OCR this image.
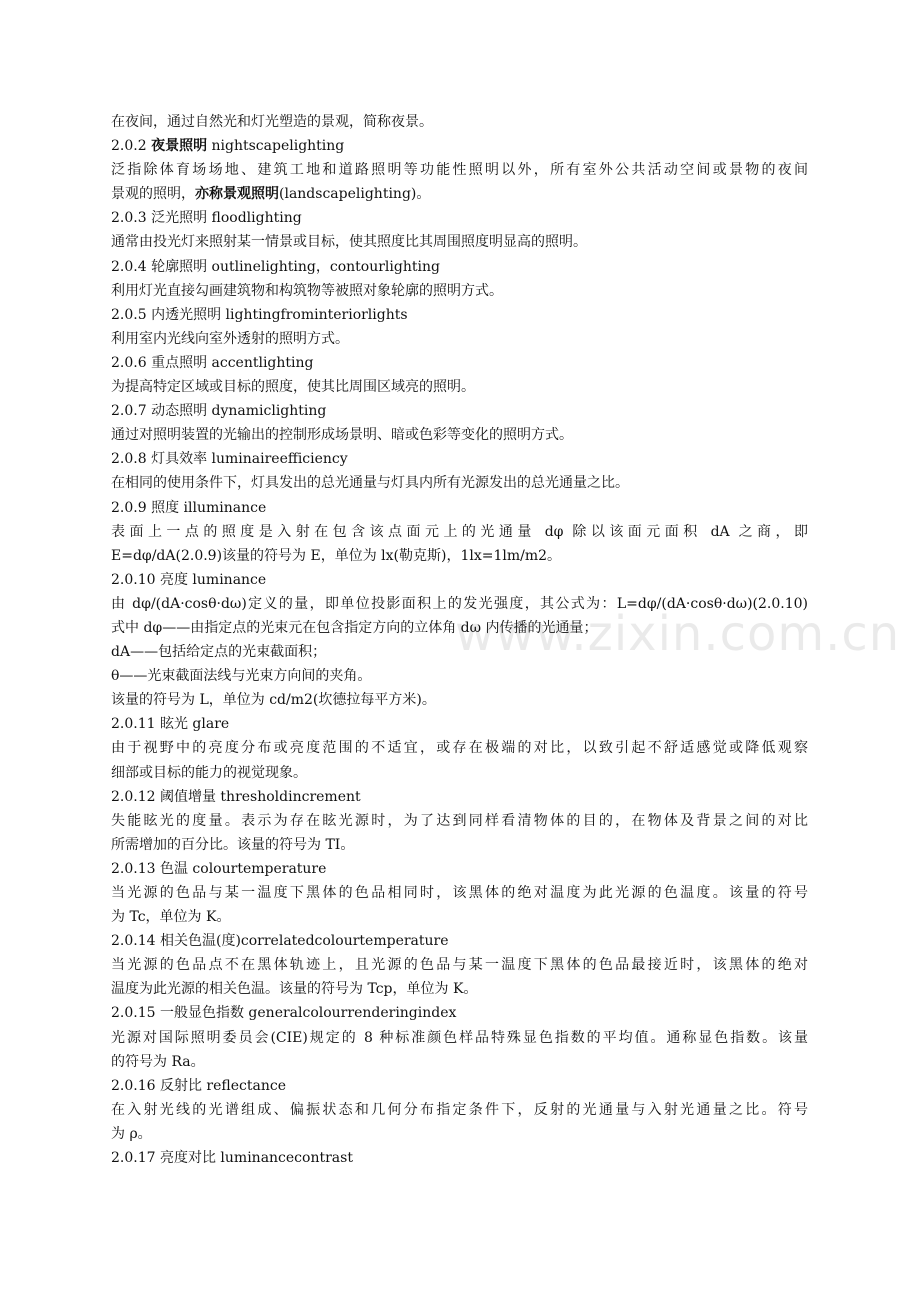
www.zixin.com.cn
在夜间，通过自然光和灯光塑造的景观，简称夜景。
2.0.2 夜景照明 nightscapelighting
泛指除体育场场地、建筑工地和道路照明等功能性照明以外，所有室外公共活动空间或景物的夜间
景观的照明，亦称景观照明(landscapelighting)。
2.0.3 泛光照明 floodlighting
通常由投光灯来照射某一情景或目标，使其照度比其周围照度明显高的照明。
2.0.4 轮廓照明 outlinelighting，contourlighting
利用灯光直接勾画建筑物和构筑物等被照对象轮廓的照明方式。
2.0.5 内透光照明 lightingfrominteriorlights
利用室内光线向室外透射的照明方式。
2.0.6 重点照明 accentlighting
为提高特定区域或目标的照度，使其比周围区域亮的照明。
2.0.7 动态照明 dynamiclighting
通过对照明装置的光输出的控制形成场景明、暗或色彩等变化的照明方式。
2.0.8 灯具效率 luminaireefficiency
在相同的使用条件下，灯具发出的总光通量与灯具内所有光源发出的总光通量之比。
2.0.9 照度 illuminance
表面上一点的照度是入射在包含该点面元上的光通量 dφ 除以该面元面积 dA 之商，即
E=dφ/dA(2.0.9)该量的符号为 E，单位为 lx(勒克斯)，1lx=1lm/m2。
2.0.10 亮度 luminance
由 dφ/(dA·cosθ·dω)定义的量，即单位投影面积上的发光强度，其公式为：L=dφ/(dA·cosθ·dω)(2.0.10)
式中 dφ——由指定点的光束元在包含指定方向的立体角 dω 内传播的光通量；
dA——包括给定点的光束截面积；
θ——光束截面法线与光束方向间的夹角。
该量的符号为 L，单位为 cd/m2(坎德拉每平方米)。
2.0.11 眩光 glare
由于视野中的亮度分布或亮度范围的不适宜，或存在极端的对比，以致引起不舒适感觉或降低观察
细部或目标的能力的视觉现象。
2.0.12 阈值增量 thresholdincrement
失能眩光的度量。表示为存在眩光源时，为了达到同样看清物体的目的，在物体及背景之间的对比
所需增加的百分比。该量的符号为 TI。
2.0.13 色温 colourtemperature
当光源的色品与某一温度下黑体的色品相同时，该黑体的绝对温度为此光源的色温度。该量的符号
为 Tc，单位为 K。
2.0.14 相关色温(度)correlatedcolourtemperature
当光源的色品点不在黑体轨迹上，且光源的色品与某一温度下黑体的色品最接近时，该黑体的绝对
温度为此光源的相关色温。该量的符号为 Tcp，单位为 K。
2.0.15 一般显色指数 generalcolourrenderingindex
光源对国际照明委员会(CIE)规定的 8 种标准颜色样品特殊显色指数的平均值。通称显色指数。该量
的符号为 Ra。
2.0.16 反射比 reflectance
在入射光线的光谱组成、偏振状态和几何分布指定条件下，反射的光通量与入射光通量之比。符号
为 ρ。
2.0.17 亮度对比 luminancecontrast
